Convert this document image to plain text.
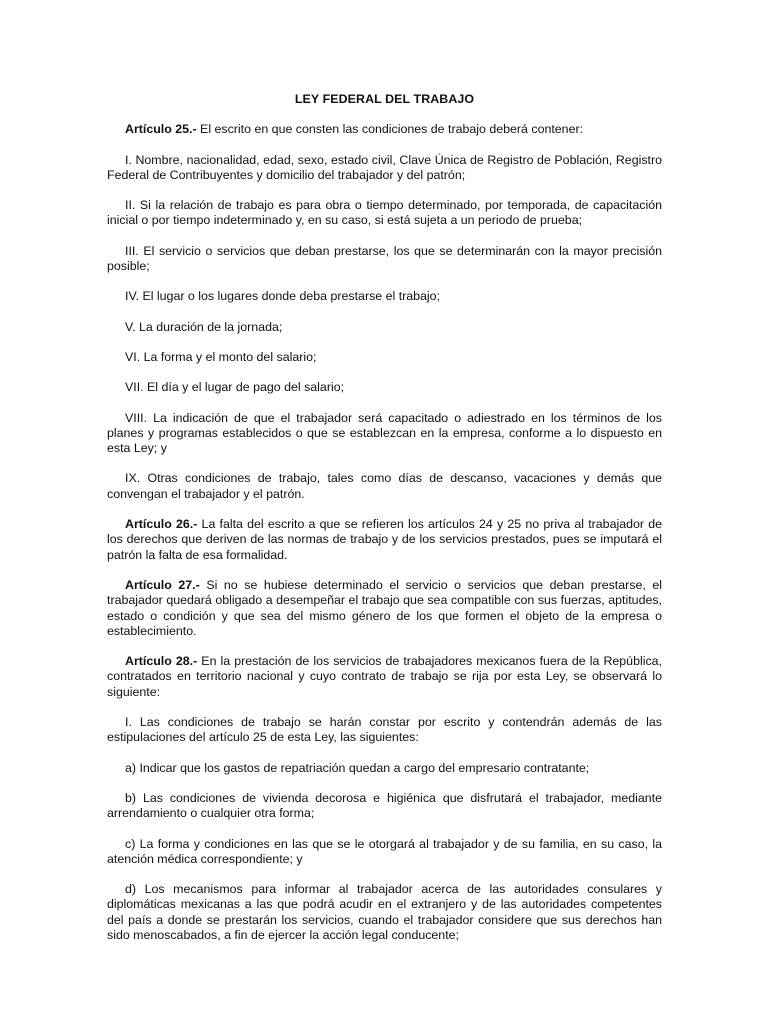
LEY FEDERAL DEL TRABAJO

Artículo 25.- El escrito en que consten las condiciones de trabajo deberá contener:

I. Nombre, nacionalidad, edad, sexo, estado civil, Clave Única de Registro de Población, Registro Federal de Contribuyentes y domicilio del trabajador y del patrón;

II. Si la relación de trabajo es para obra o tiempo determinado, por temporada, de capacitación inicial o por tiempo indeterminado y, en su caso, si está sujeta a un periodo de prueba;

III. El servicio o servicios que deban prestarse, los que se determinarán con la mayor precisión posible;

IV. El lugar o los lugares donde deba prestarse el trabajo;

V. La duración de la jornada;

VI. La forma y el monto del salario;

VII. El día y el lugar de pago del salario;

VIII. La indicación de que el trabajador será capacitado o adiestrado en los términos de los planes y programas establecidos o que se establezcan en la empresa, conforme a lo dispuesto en esta Ley; y

IX. Otras condiciones de trabajo, tales como días de descanso, vacaciones y demás que convengan el trabajador y el patrón.

Artículo 26.- La falta del escrito a que se refieren los artículos 24 y 25 no priva al trabajador de los derechos que deriven de las normas de trabajo y de los servicios prestados, pues se imputará el patrón la falta de esa formalidad.

Artículo 27.- Si no se hubiese determinado el servicio o servicios que deban prestarse, el trabajador quedará obligado a desempeñar el trabajo que sea compatible con sus fuerzas, aptitudes, estado o condición y que sea del mismo género de los que formen el objeto de la empresa o establecimiento.

Artículo 28.- En la prestación de los servicios de trabajadores mexicanos fuera de la República, contratados en territorio nacional y cuyo contrato de trabajo se rija por esta Ley, se observará lo siguiente:

I. Las condiciones de trabajo se harán constar por escrito y contendrán además de las estipulaciones del artículo 25 de esta Ley, las siguientes:

a) Indicar que los gastos de repatriación quedan a cargo del empresario contratante;

b) Las condiciones de vivienda decorosa e higiénica que disfrutará el trabajador, mediante arrendamiento o cualquier otra forma;

c) La forma y condiciones en las que se le otorgará al trabajador y de su familia, en su caso, la atención médica correspondiente; y

d) Los mecanismos para informar al trabajador acerca de las autoridades consulares y diplomáticas mexicanas a las que podrá acudir en el extranjero y de las autoridades competentes del país a donde se prestarán los servicios, cuando el trabajador considere que sus derechos han sido menoscabados, a fin de ejercer la acción legal conducente;
